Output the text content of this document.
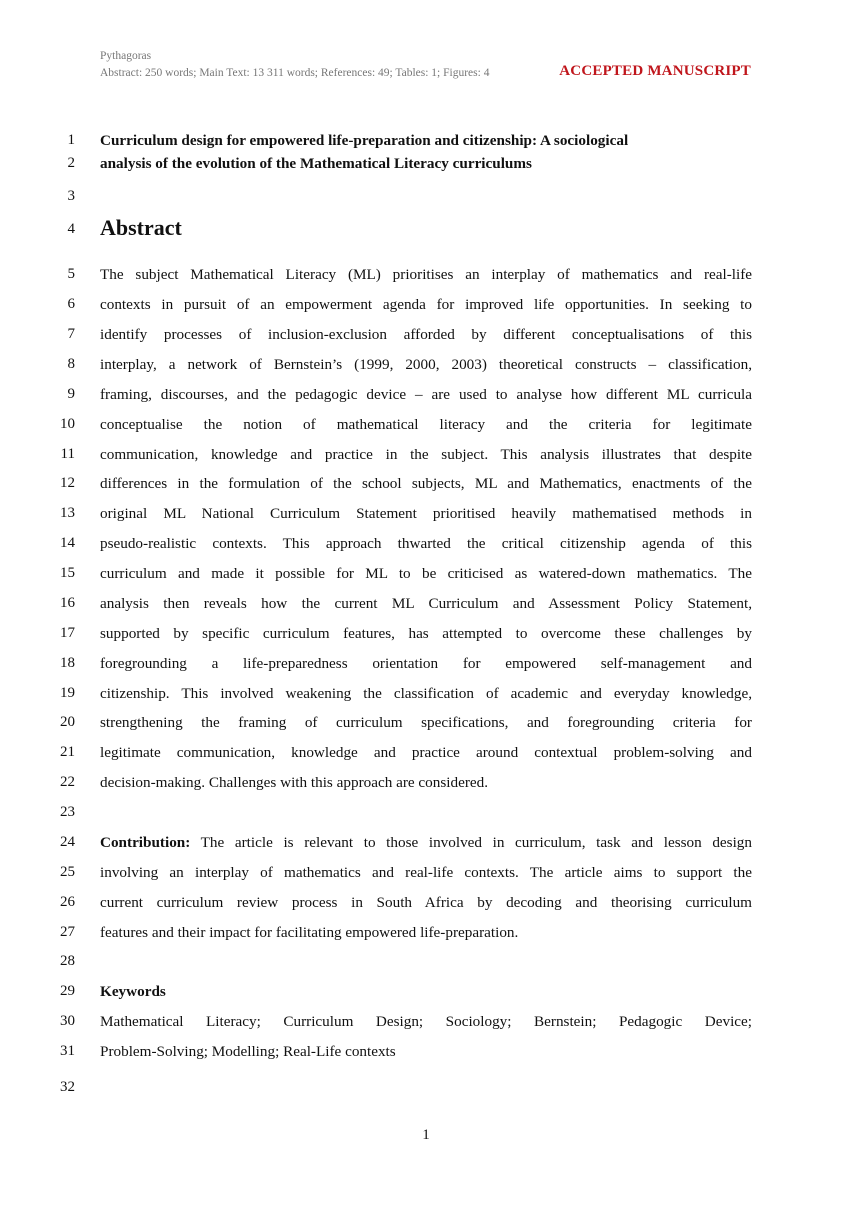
Pythagoras
Abstract: 250 words; Main Text: 13 311 words; References: 49; Tables: 1; Figures: 4	ACCEPTED MANUSCRIPT
1 Curriculum design for empowered life-preparation and citizenship: A sociological
2 analysis of the evolution of the Mathematical Literacy curriculums
3
4 Abstract
5 The subject Mathematical Literacy (ML) prioritises an interplay of mathematics and real-life
6 contexts in pursuit of an empowerment agenda for improved life opportunities. In seeking to
7 identify processes of inclusion-exclusion afforded by different conceptualisations of this
8 interplay, a network of Bernstein’s (1999, 2000, 2003) theoretical constructs – classification,
9 framing, discourses, and the pedagogic device – are used to analyse how different ML curricula
10 conceptualise the notion of mathematical literacy and the criteria for legitimate
11 communication, knowledge and practice in the subject. This analysis illustrates that despite
12 differences in the formulation of the school subjects, ML and Mathematics, enactments of the
13 original ML National Curriculum Statement prioritised heavily mathematised methods in
14 pseudo-realistic contexts. This approach thwarted the critical citizenship agenda of this
15 curriculum and made it possible for ML to be criticised as watered-down mathematics. The
16 analysis then reveals how the current ML Curriculum and Assessment Policy Statement,
17 supported by specific curriculum features, has attempted to overcome these challenges by
18 foregrounding a life-preparedness orientation for empowered self-management and
19 citizenship. This involved weakening the classification of academic and everyday knowledge,
20 strengthening the framing of curriculum specifications, and foregrounding criteria for
21 legitimate communication, knowledge and practice around contextual problem-solving and
22 decision-making. Challenges with this approach are considered.
23
24 Contribution: The article is relevant to those involved in curriculum, task and lesson design
25 involving an interplay of mathematics and real-life contexts. The article aims to support the
26 current curriculum review process in South Africa by decoding and theorising curriculum
27 features and their impact for facilitating empowered life-preparation.
28
29 Keywords
30 Mathematical Literacy; Curriculum Design; Sociology; Bernstein; Pedagogic Device;
31 Problem-Solving; Modelling; Real-Life contexts
32
1
